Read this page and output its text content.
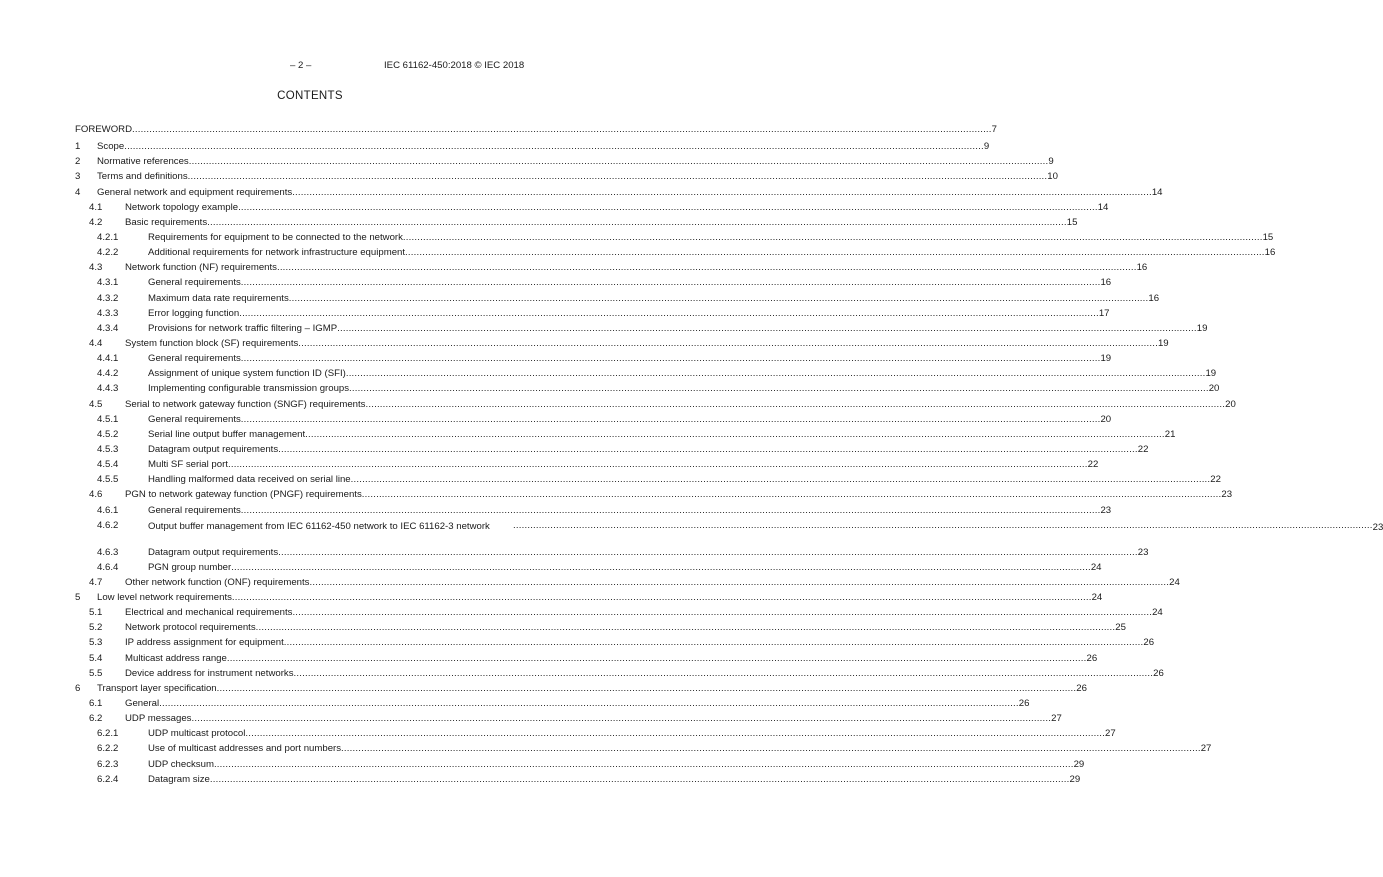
– 2 –	IEC 61162-450:2018 © IEC 2018
CONTENTS
FOREWORD ............................................................................................................................................................................................................................................................................................................ 7
1 Scope ............................................................................................................................................................................................................................................................................................................ 9
2 Normative references ............................................................................................................................................................................................................................................................................................................ 9
3 Terms and definitions ............................................................................................................................................................................................................................................................................................................ 10
4 General network and equipment requirements ............................................................................................................................................................................................................................................................................................................ 14
4.1 Network topology example ............................................................................................................................................................................................................................................................................................................ 14
4.2 Basic requirements ............................................................................................................................................................................................................................................................................................................ 15
4.2.1	Requirements for equipment to be connected to the network ............................................................................................................................................................................................................................................................................................................ 15
4.2.2	Additional requirements for network infrastructure equipment ............................................................................................................................................................................................................................................................................................................ 16
4.3 Network function (NF) requirements ............................................................................................................................................................................................................................................................................................................ 16
4.3.1	General requirements ............................................................................................................................................................................................................................................................................................................ 16
4.3.2	Maximum data rate requirements ............................................................................................................................................................................................................................................................................................................ 16
4.3.3	Error logging function ............................................................................................................................................................................................................................................................................................................ 17
4.3.4	Provisions for network traffic filtering – IGMP ............................................................................................................................................................................................................................................................................................................ 19
4.4 System function block (SF) requirements ............................................................................................................................................................................................................................................................................................................ 19
4.4.1	General requirements ............................................................................................................................................................................................................................................................................................................ 19
4.4.2	Assignment of unique system function ID (SFI) ............................................................................................................................................................................................................................................................................................................ 19
4.4.3	Implementing configurable transmission groups ............................................................................................................................................................................................................................................................................................................ 20
4.5 Serial to network gateway function (SNGF) requirements ............................................................................................................................................................................................................................................................................................................ 20
4.5.1	General requirements ............................................................................................................................................................................................................................................................................................................ 20
4.5.2	Serial line output buffer management ............................................................................................................................................................................................................................................................................................................ 21
4.5.3	Datagram output requirements ............................................................................................................................................................................................................................................................................................................ 22
4.5.4	Multi SF serial port ............................................................................................................................................................................................................................................................................................................ 22
4.5.5	Handling malformed data received on serial line ............................................................................................................................................................................................................................................................................................................ 22
4.6 PGN to network gateway function (PNGF) requirements ............................................................................................................................................................................................................................................................................................................ 23
4.6.1	General requirements ............................................................................................................................................................................................................................................................................................................ 23
4.6.2	Output buffer management from IEC 61162-450 network to IEC 61162-3 network	............................................................................................................................................................................................................................................................................................................ 23
4.6.3	Datagram output requirements ............................................................................................................................................................................................................................................................................................................ 23
4.6.4	PGN group number ............................................................................................................................................................................................................................................................................................................ 24
4.7 Other network function (ONF) requirements ............................................................................................................................................................................................................................................................................................................ 24
5 Low level network requirements ............................................................................................................................................................................................................................................................................................................ 24
5.1 Electrical and mechanical requirements ............................................................................................................................................................................................................................................................................................................ 24
5.2 Network protocol requirements ............................................................................................................................................................................................................................................................................................................ 25
5.3 IP address assignment for equipment ............................................................................................................................................................................................................................................................................................................ 26
5.4 Multicast address range ............................................................................................................................................................................................................................................................................................................ 26
5.5 Device address for instrument networks ............................................................................................................................................................................................................................................................................................................ 26
6 Transport layer specification ............................................................................................................................................................................................................................................................................................................ 26
6.1 General ............................................................................................................................................................................................................................................................................................................ 26
6.2 UDP messages ............................................................................................................................................................................................................................................................................................................ 27
6.2.1	UDP multicast protocol ............................................................................................................................................................................................................................................................................................................ 27
6.2.2	Use of multicast addresses and port numbers ............................................................................................................................................................................................................................................................................................................ 27
6.2.3	UDP checksum ............................................................................................................................................................................................................................................................................................................ 29
6.2.4	Datagram size ............................................................................................................................................................................................................................................................................................................ 29
